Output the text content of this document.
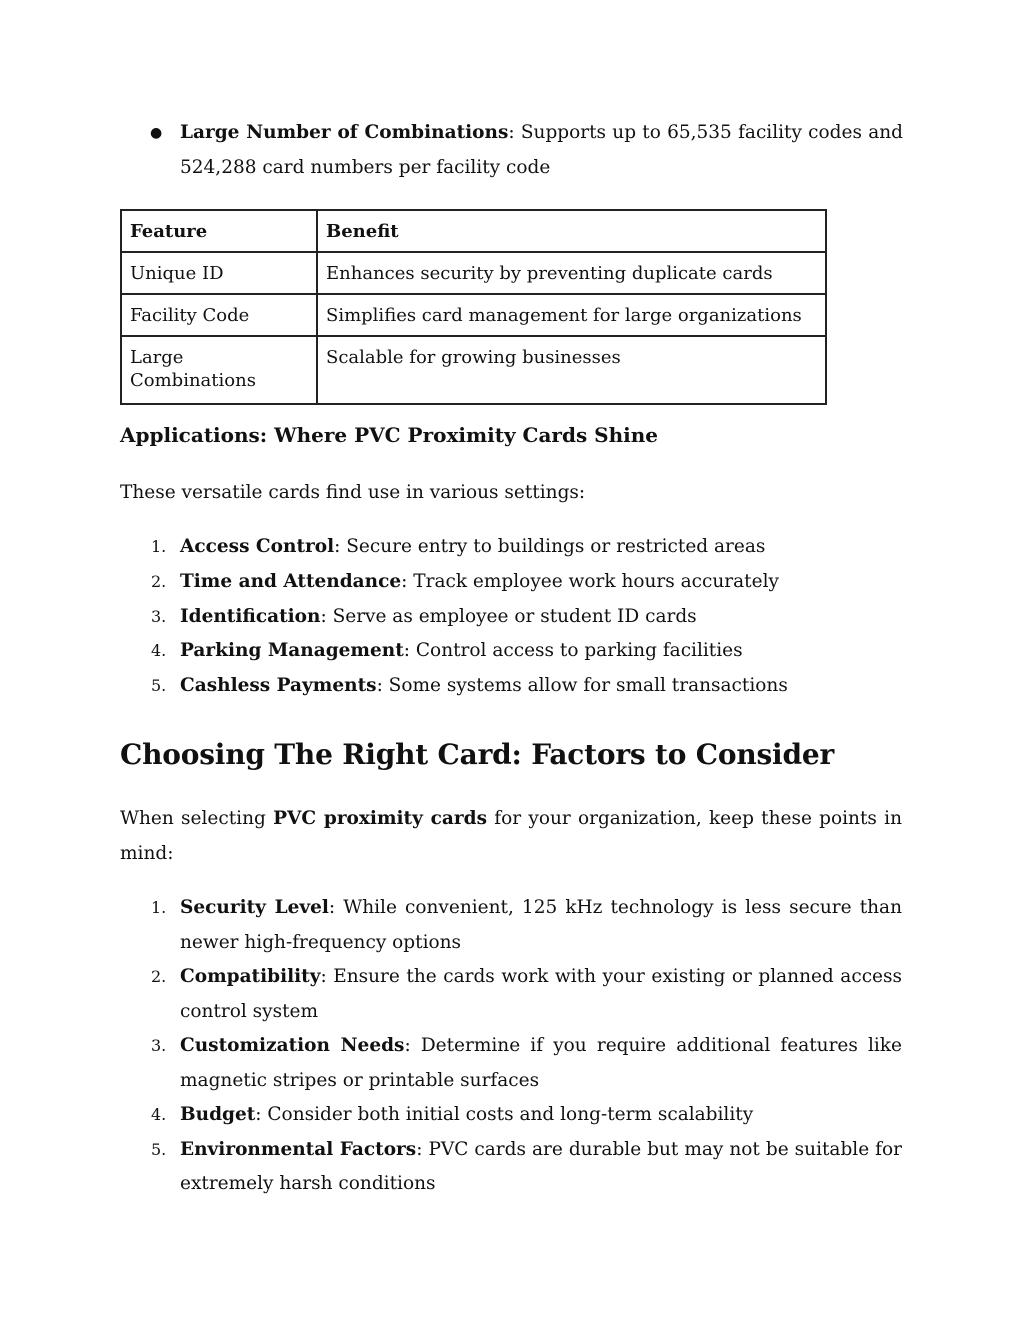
● Large Number of Combinations: Supports up to 65,535 facility codes and 524,288 card numbers per facility code
Feature	Benefit
Unique ID	Enhances security by preventing duplicate cards
Facility Code	Simplifies card management for large organizations
Large Combinations	Scalable for growing businesses
Applications: Where PVC Proximity Cards Shine
These versatile cards find use in various settings:
1. Access Control: Secure entry to buildings or restricted areas
2. Time and Attendance: Track employee work hours accurately
3. Identification: Serve as employee or student ID cards
4. Parking Management: Control access to parking facilities
5. Cashless Payments: Some systems allow for small transactions
Choosing The Right Card: Factors to Consider
When selecting PVC proximity cards for your organization, keep these points in mind:
1. Security Level: While convenient, 125 kHz technology is less secure than newer high-frequency options
2. Compatibility: Ensure the cards work with your existing or planned access control system
3. Customization Needs: Determine if you require additional features like magnetic stripes or printable surfaces
4. Budget: Consider both initial costs and long-term scalability
5. Environmental Factors: PVC cards are durable but may not be suitable for extremely harsh conditions
